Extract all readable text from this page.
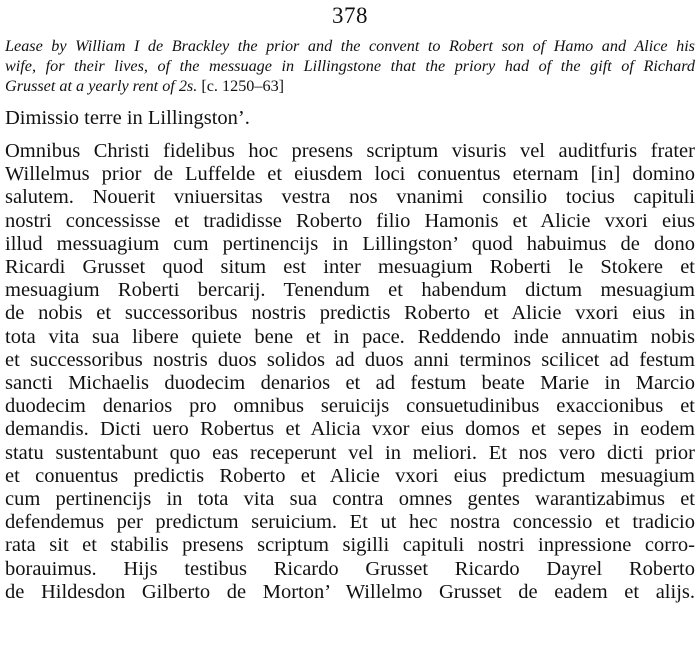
378
Lease by William I de Brackley the prior and the convent to Robert son of Hamo and Alice his
wife, for their lives, of the messuage in Lillingstone that the priory had of the gift of Richard
Grusset at a yearly rent of 2s. [c. 1250–63]
Dimissio terre in Lillingston’.
Omnibus Christi fidelibus hoc presens scriptum visuris vel auditfuris frater
Willelmus prior de Luffelde et eiusdem loci conuentus eternam [in] domino
salutem. Nouerit vniuersitas vestra nos vnanimi consilio tocius capituli
nostri concessisse et tradidisse Roberto filio Hamonis et Alicie vxori eius
illud messuagium cum pertinencijs in Lillingston’ quod habuimus de dono
Ricardi Grusset quod situm est inter mesuagium Roberti le Stokere et
mesuagium Roberti bercarij. Tenendum et habendum dictum mesuagium
de nobis et successoribus nostris predictis Roberto et Alicie vxori eius in
tota vita sua libere quiete bene et in pace. Reddendo inde annuatim nobis
et successoribus nostris duos solidos ad duos anni terminos scilicet ad festum
sancti Michaelis duodecim denarios et ad festum beate Marie in Marcio
duodecim denarios pro omnibus seruicijs consuetudinibus exaccionibus et
demandis. Dicti uero Robertus et Alicia vxor eius domos et sepes in eodem
statu sustentabunt quo eas receperunt vel in meliori. Et nos vero dicti prior
et conuentus predictis Roberto et Alicie vxori eius predictum mesuagium
cum pertinencijs in tota vita sua contra omnes gentes warantizabimus et
defendemus per predictum seruicium. Et ut hec nostra concessio et tradicio
rata sit et stabilis presens scriptum sigilli capituli nostri inpressione corro-
borauimus. Hijs testibus Ricardo Grusset Ricardo Dayrel Roberto
de Hildesdon Gilberto de Morton’ Willelmo Grusset de eadem et alijs.
